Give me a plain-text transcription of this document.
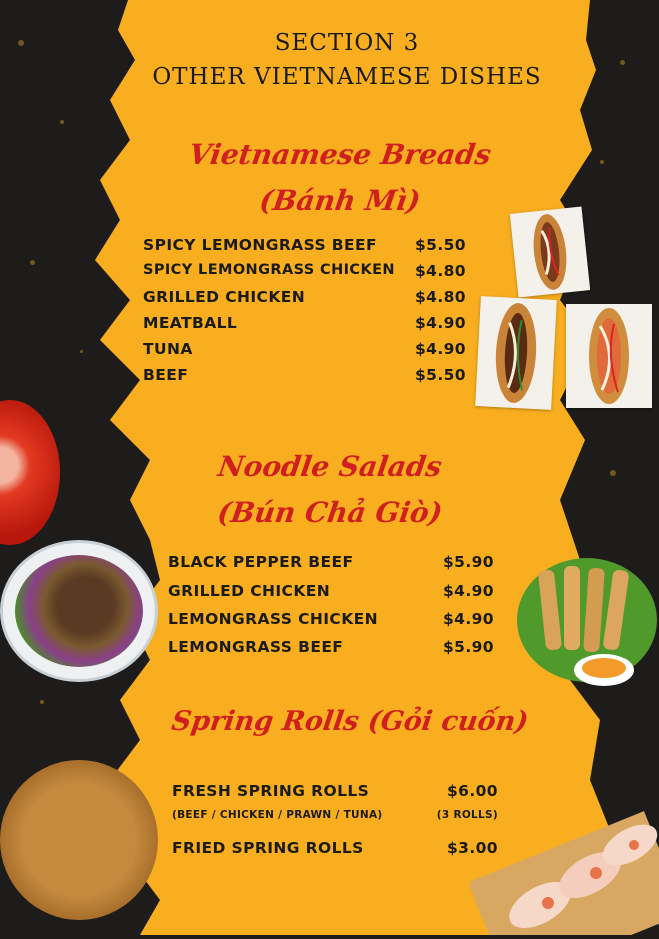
SECTION 3
OTHER VIETNAMESE DISHES
Vietnamese Breads
(Bánh Mì)
SPICY LEMONGRASS BEEF	$5.50
SPICY LEMONGRASS CHICKEN	$4.80
GRILLED CHICKEN	$4.80
MEATBALL	$4.90
TUNA	$4.90
BEEF	$5.50
Noodle Salads
(Bún Chả Giò)
BLACK PEPPER BEEF	$5.90
GRILLED CHICKEN	$4.90
LEMONGRASS CHICKEN	$4.90
LEMONGRASS BEEF	$5.90
Spring Rolls (Gỏi cuốn)
FRESH SPRING ROLLS	$6.00
(BEEF / CHICKEN / PRAWN / TUNA)	(3 ROLLS)
FRIED SPRING ROLLS	$3.00
